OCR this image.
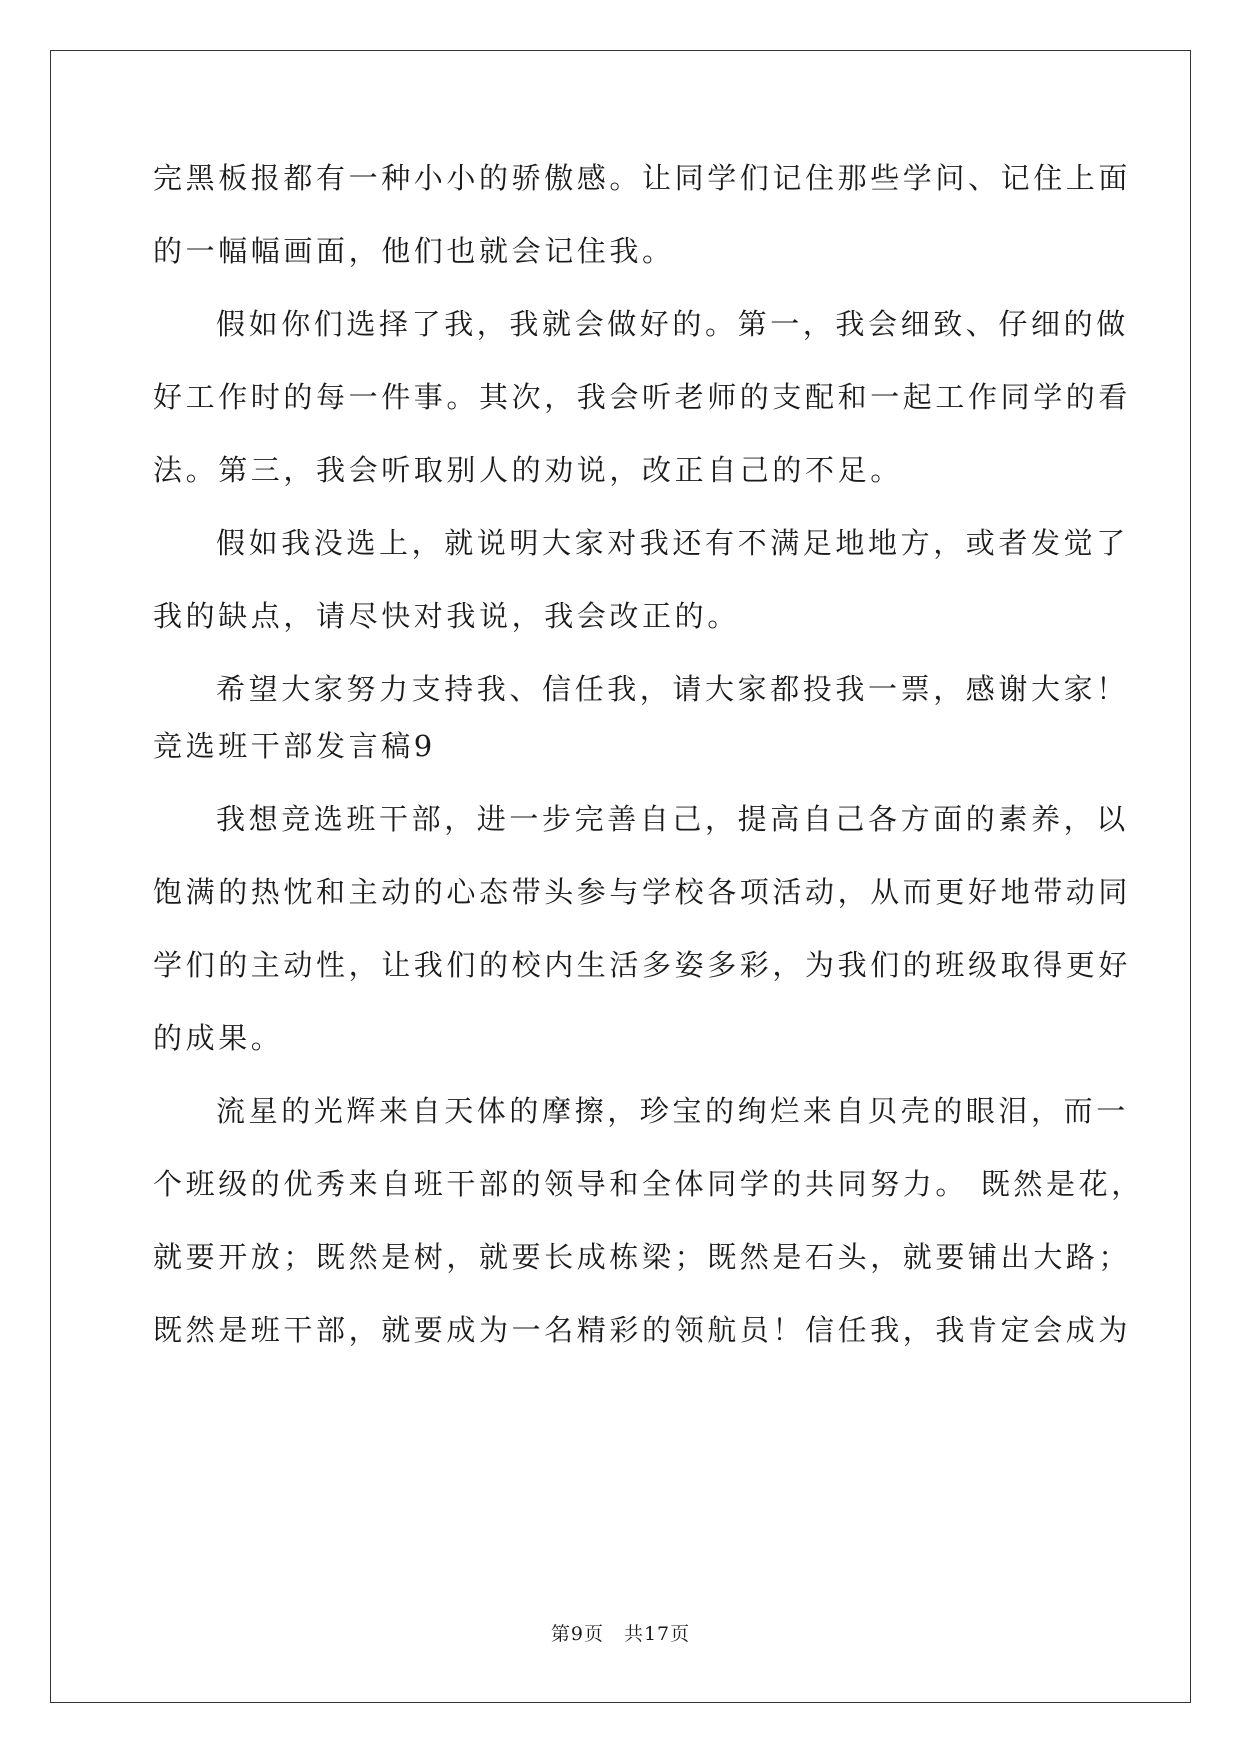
完黑板报都有一种小小的骄傲感。让同学们记住那些学问、记住上面
的一幅幅画面，他们也就会记住我。
假如你们选择了我，我就会做好的。第一，我会细致、仔细的做
好工作时的每一件事。其次，我会听老师的支配和一起工作同学的看
法。第三，我会听取别人的劝说，改正自己的不足。
假如我没选上，就说明大家对我还有不满足地地方，或者发觉了
我的缺点，请尽快对我说，我会改正的。
希望大家努力支持我、信任我，请大家都投我一票，感谢大家！
竞选班干部发言稿9
我想竞选班干部，进一步完善自己，提高自己各方面的素养，以
饱满的热忱和主动的心态带头参与学校各项活动，从而更好地带动同
学们的主动性，让我们的校内生活多姿多彩，为我们的班级取得更好
的成果。
流星的光辉来自天体的摩擦，珍宝的绚烂来自贝壳的眼泪，而一
个班级的优秀来自班干部的领导和全体同学的共同努力。 既然是花，
就要开放；既然是树，就要长成栋梁；既然是石头，就要铺出大路；
既然是班干部，就要成为一名精彩的领航员！信任我，我肯定会成为
第9页 共17页
